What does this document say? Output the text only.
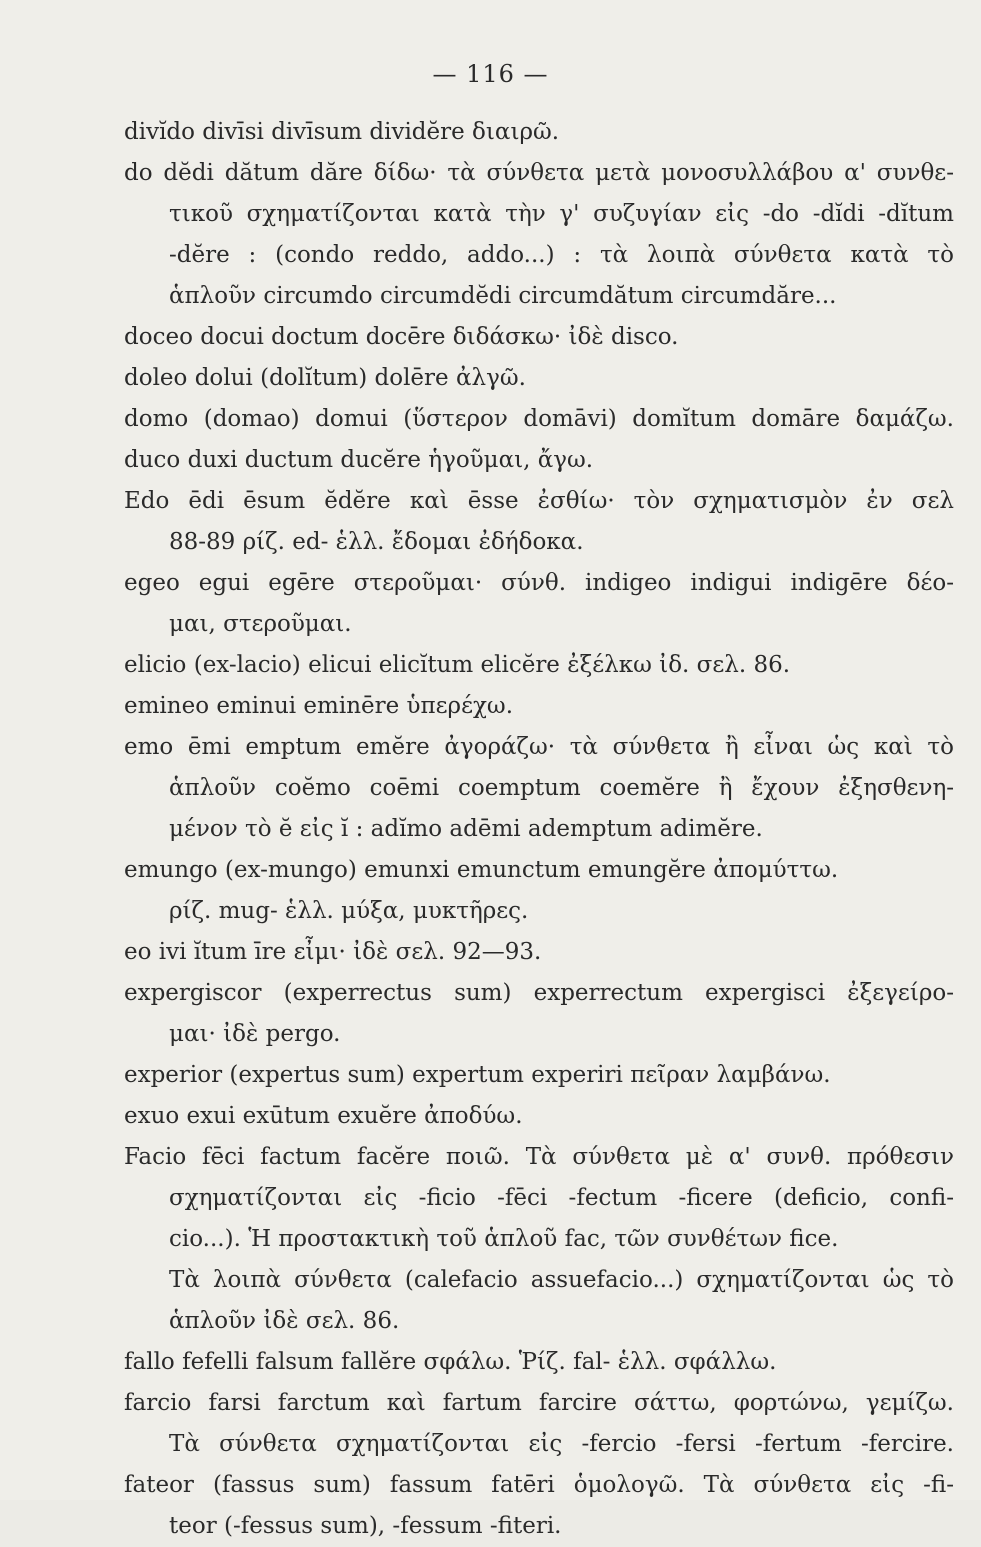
— 116 —
divĭdo divīsi divīsum dividĕre διαιρῶ.
do dĕdi dătum dăre δίδω· τὰ σύνθετα μετὰ μονοσυλλάβου α' συνθε-
τικοῦ σχηματίζονται κατὰ τὴν γ' συζυγίαν εἰς -do -dĭdi -dĭtum
-dĕre : (condo reddo, addo...) : τὰ λοιπὰ σύνθετα κατὰ τὸ
ἁπλοῦν circumdo circumdĕdi circumdătum circumdăre...
doceo docui doctum docēre διδάσκω· ἰδὲ disco.
doleo dolui (dolĭtum) dolēre ἀλγῶ.
domo (domao) domui (ὕστερον domāvi) domĭtum domāre δαμάζω.
duco duxi ductum ducĕre ἡγοῦμαι, ἄγω.
Edo ēdi ēsum ĕdĕre καὶ ēsse ἐσθίω· τὸν σχηματισμὸν ἐν σελ
88-89 ρίζ. ed- ἑλλ. ἔδομαι ἐδήδοκα.
egeo egui egēre στεροῦμαι· σύνθ. indigeo indigui indigēre δέο-
μαι, στεροῦμαι.
elicio (ex-lacio) elicui elicĭtum elicĕre ἐξέλκω ἰδ. σελ. 86.
emineo eminui eminēre ὑπερέχω.
emo ēmi emptum emĕre ἀγοράζω· τὰ σύνθετα ἢ εἶναι ὡς καὶ τὸ
ἁπλοῦν coĕmo coēmi coemptum coemĕre ἢ ἔχουν ἐξησθενη-
μένον τὸ ĕ εἰς ĭ : adĭmo adēmi ademptum adimĕre.
emungo (ex-mungo) emunxi emunctum emungĕre ἀπομύττω.
ρίζ. mug- ἑλλ. μύξα, μυκτῆρες.
eo ivi ĭtum īre εἶμι· ἰδὲ σελ. 92—93.
expergiscor (experrectus sum) experrectum expergisci ἐξεγείρο-
μαι· ἰδὲ pergo.
experior (expertus sum) expertum experiri πεῖραν λαμβάνω.
exuo exui exūtum exuĕre ἀποδύω.
Facio fēci factum facĕre ποιῶ. Τὰ σύνθετα μὲ α' συνθ. πρόθεσιν
σχηματίζονται εἰς -ficio -fēci -fectum -ficere (deficio, confi-
cio...). Ἡ προστακτικὴ τοῦ ἁπλοῦ fac, τῶν συνθέτων fice.
Τὰ λοιπὰ σύνθετα (calefacio assuefacio...) σχηματίζονται ὡς τὸ
ἁπλοῦν ἰδὲ σελ. 86.
fallo fefelli falsum fallĕre σφάλω. Ῥίζ. fal- ἑλλ. σφάλλω.
farcio farsi farctum καὶ fartum farcire σάττω, φορτώνω, γεμίζω.
Τὰ σύνθετα σχηματίζονται εἰς -fercio -fersi -fertum -fercire.
fateor (fassus sum) fassum fatēri ὁμολογῶ. Τὰ σύνθετα εἰς -fi-
teor (-fessus sum), -fessum -fiteri.
